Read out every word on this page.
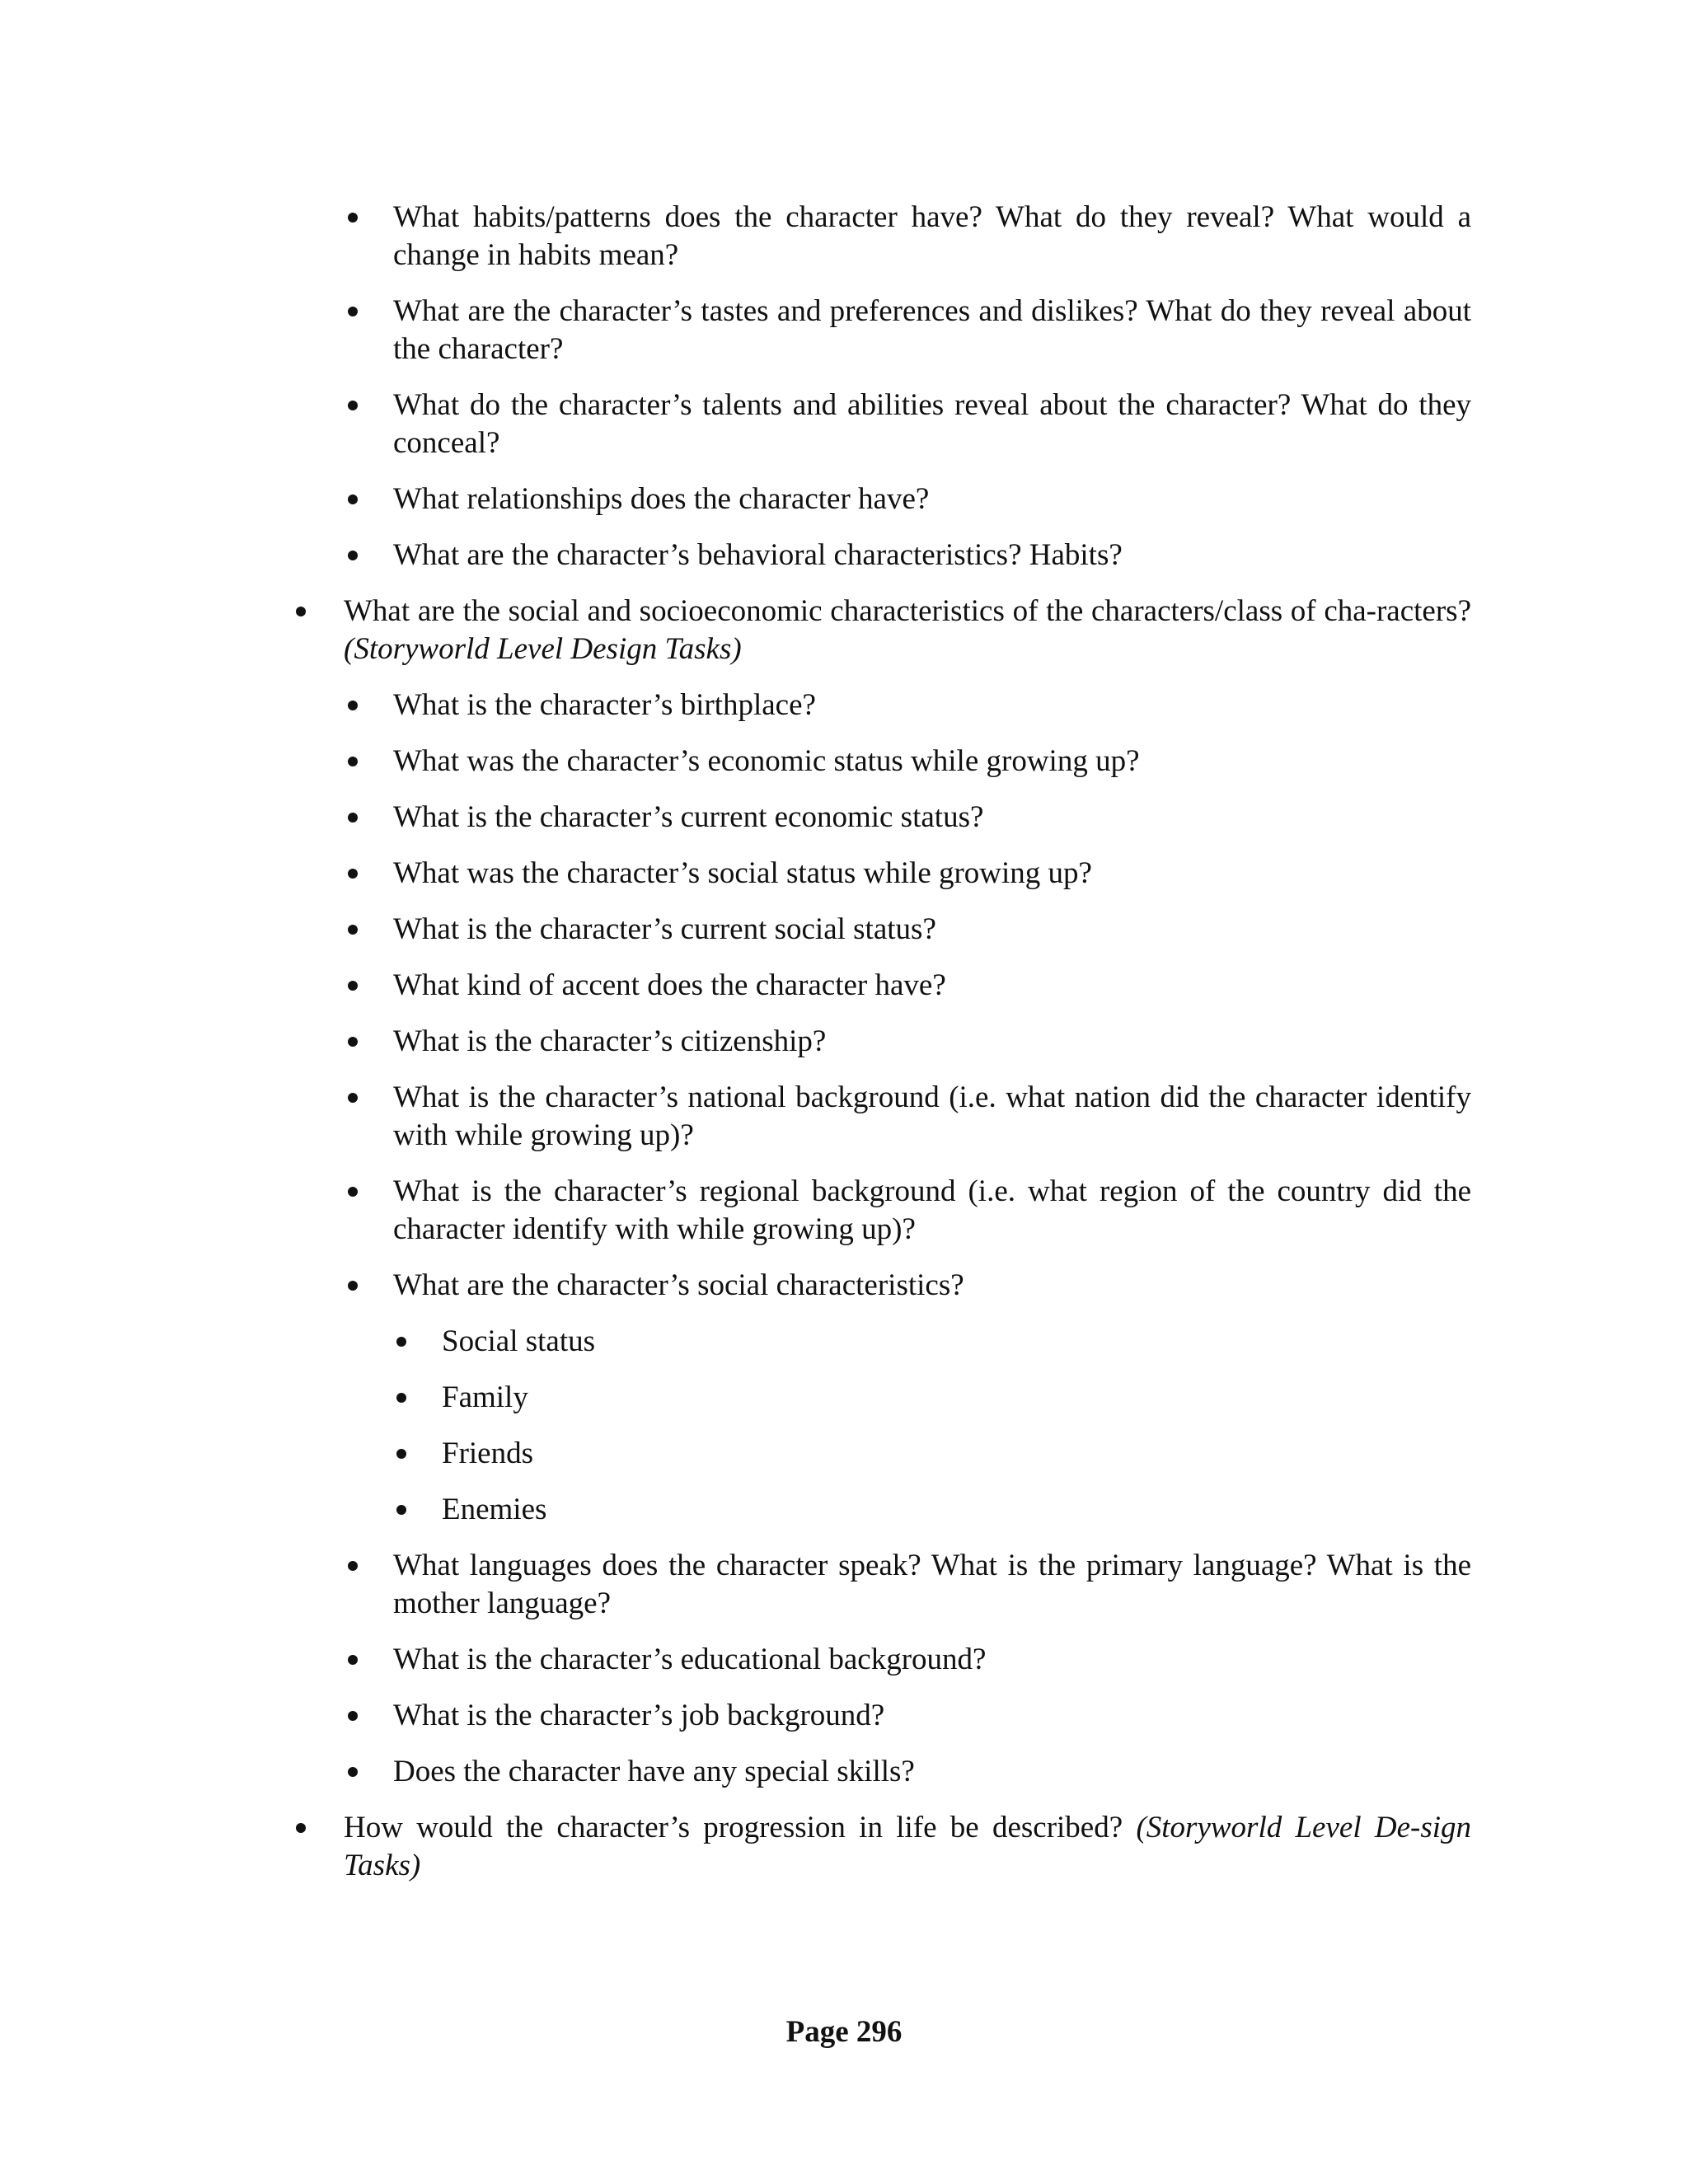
What habits/patterns does the character have? What do they reveal? What would a change in habits mean?

What are the character’s tastes and preferences and dislikes? What do they reveal about the character?

What do the character’s talents and abilities reveal about the character? What do they conceal?

What relationships does the character have?

What are the character’s behavioral characteristics? Habits?

What are the social and socioeconomic characteristics of the characters/class of cha-racters? (Storyworld Level Design Tasks)

What is the character’s birthplace?

What was the character’s economic status while growing up?

What is the character’s current economic status?

What was the character’s social status while growing up?

What is the character’s current social status?

What kind of accent does the character have?

What is the character’s citizenship?

What is the character’s national background (i.e. what nation did the character identify with while growing up)?

What is the character’s regional background (i.e. what region of the country did the character identify with while growing up)?

What are the character’s social characteristics?

Social status

Family

Friends

Enemies

What languages does the character speak? What is the primary language? What is the mother language?

What is the character’s educational background?

What is the character’s job background?

Does the character have any special skills?

How would the character’s progression in life be described? (Storyworld Level De-sign Tasks)

Page 296
